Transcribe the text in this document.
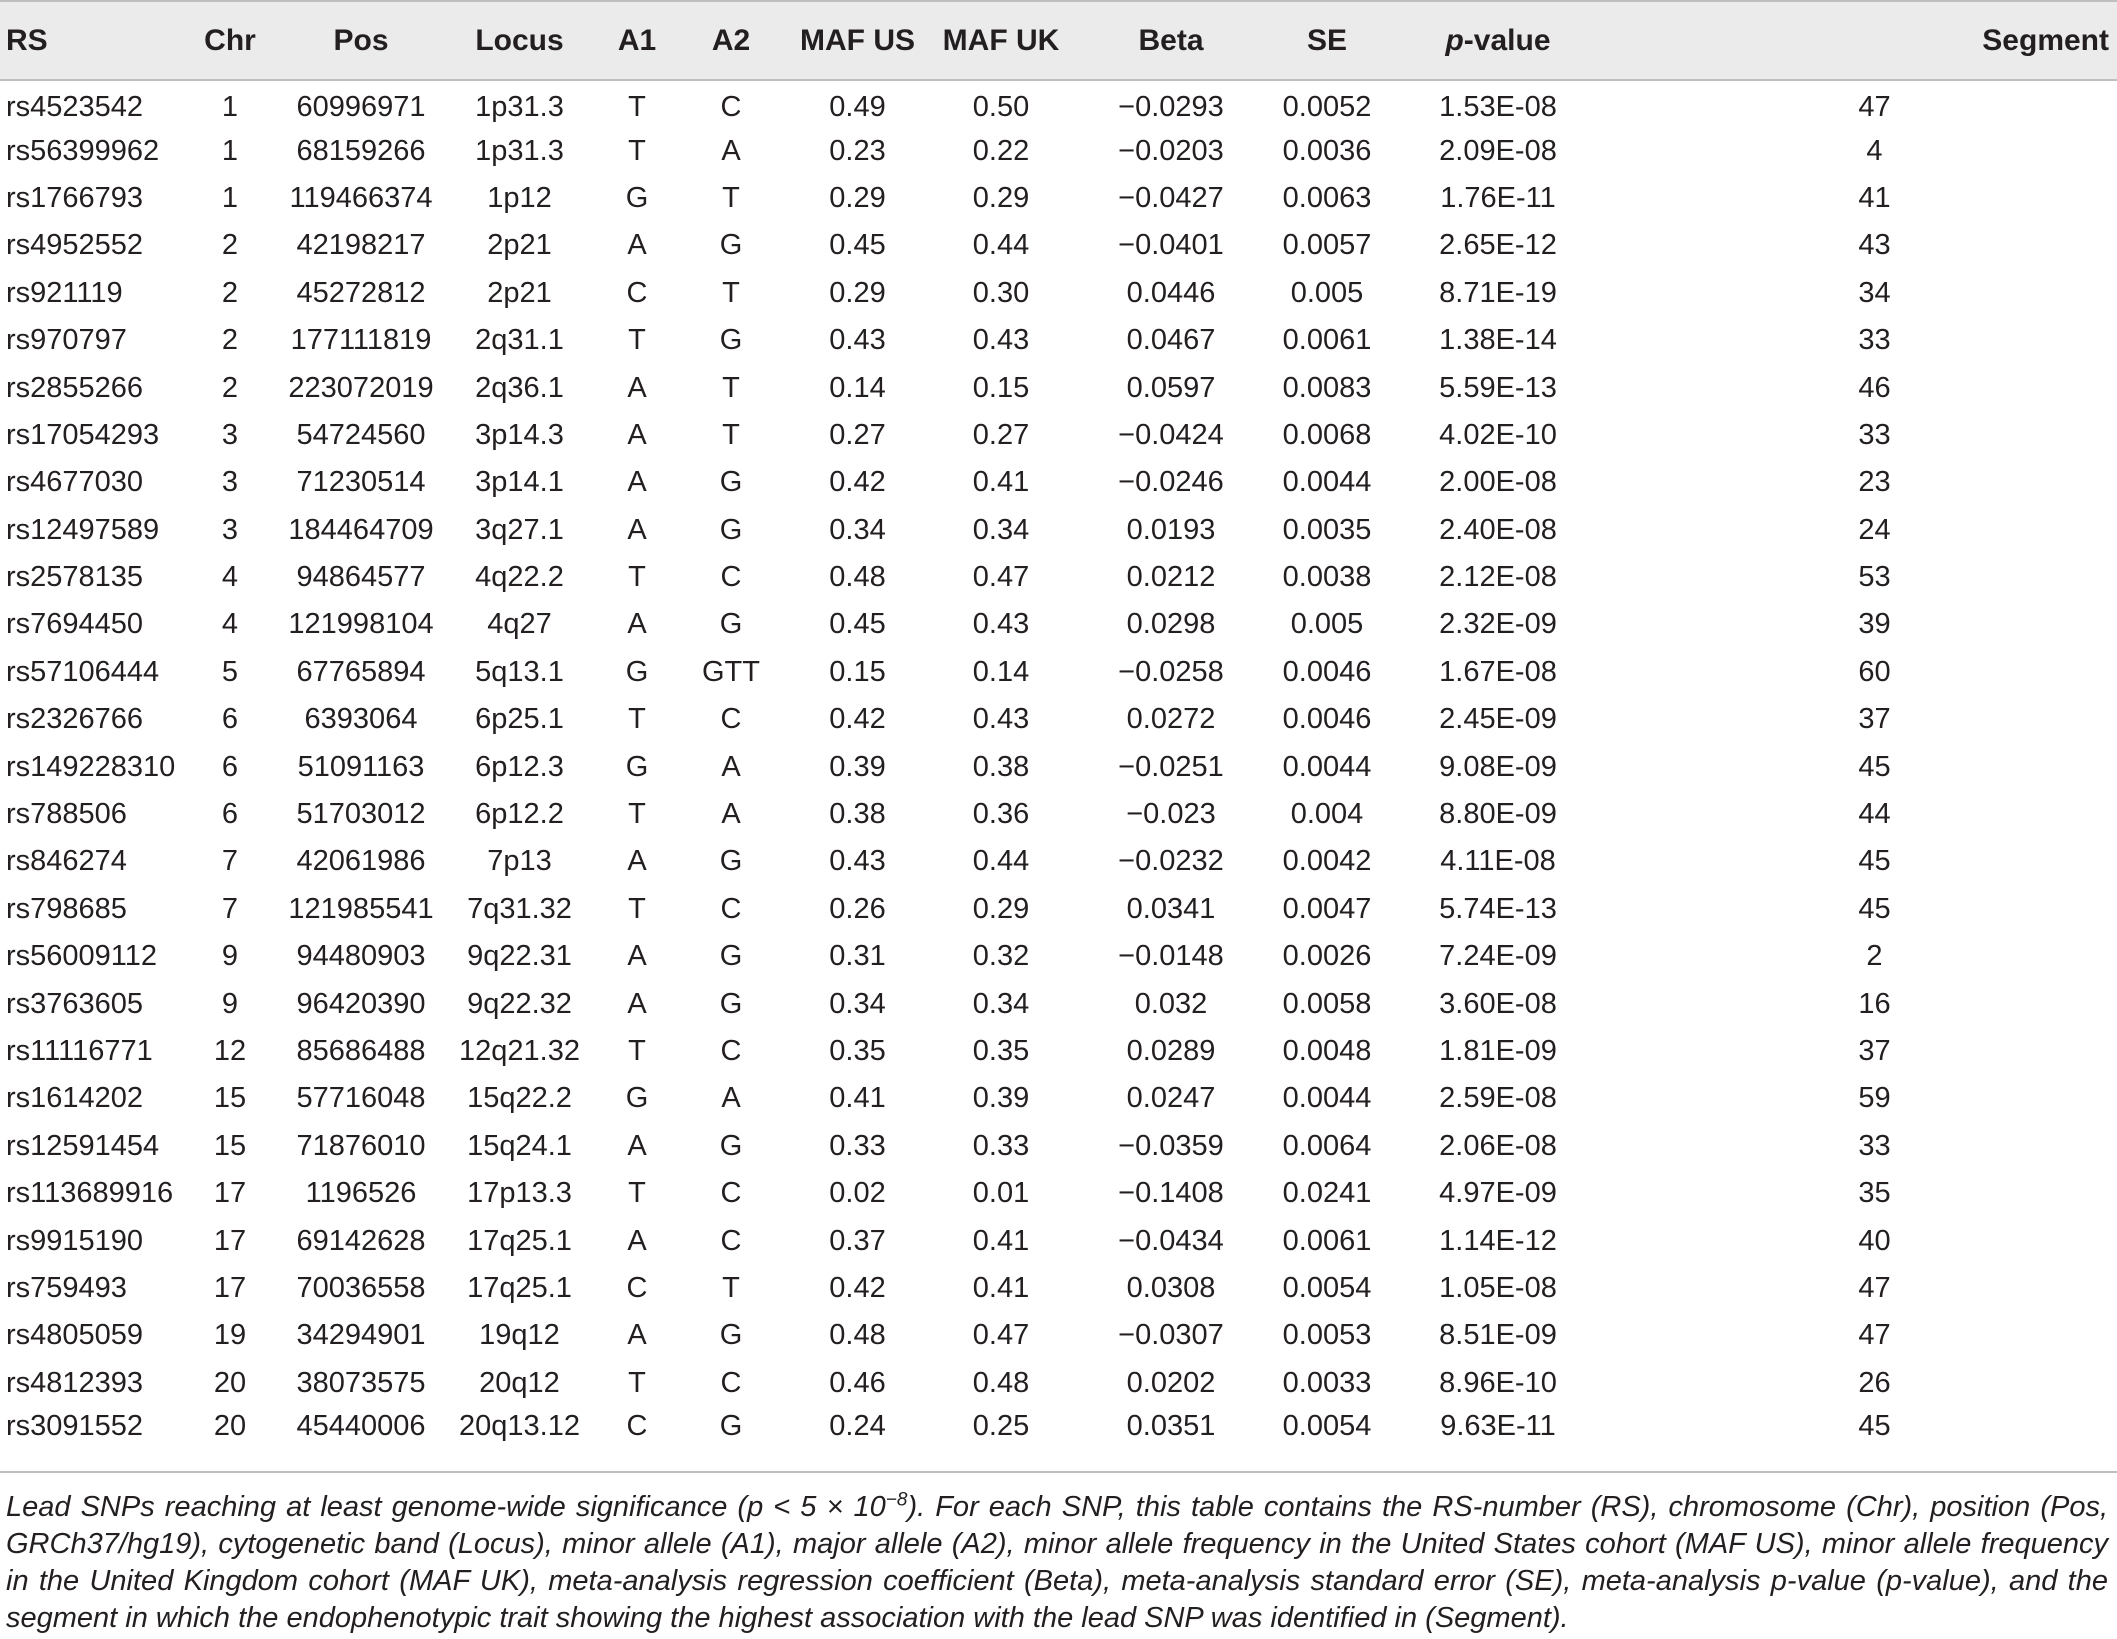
RS	Chr	Pos	Locus	A1	A2	MAF US	MAF UK	Beta	SE	p-value	Segment
rs4523542	1	60996971	1p31.3	T	C	0.49	0.50	−0.0293	0.0052	1.53E-08	47
rs56399962	1	68159266	1p31.3	T	A	0.23	0.22	−0.0203	0.0036	2.09E-08	4
rs1766793	1	119466374	1p12	G	T	0.29	0.29	−0.0427	0.0063	1.76E-11	41
rs4952552	2	42198217	2p21	A	G	0.45	0.44	−0.0401	0.0057	2.65E-12	43
rs921119	2	45272812	2p21	C	T	0.29	0.30	0.0446	0.005	8.71E-19	34
rs970797	2	177111819	2q31.1	T	G	0.43	0.43	0.0467	0.0061	1.38E-14	33
rs2855266	2	223072019	2q36.1	A	T	0.14	0.15	0.0597	0.0083	5.59E-13	46
rs17054293	3	54724560	3p14.3	A	T	0.27	0.27	−0.0424	0.0068	4.02E-10	33
rs4677030	3	71230514	3p14.1	A	G	0.42	0.41	−0.0246	0.0044	2.00E-08	23
rs12497589	3	184464709	3q27.1	A	G	0.34	0.34	0.0193	0.0035	2.40E-08	24
rs2578135	4	94864577	4q22.2	T	C	0.48	0.47	0.0212	0.0038	2.12E-08	53
rs7694450	4	121998104	4q27	A	G	0.45	0.43	0.0298	0.005	2.32E-09	39
rs57106444	5	67765894	5q13.1	G	GTT	0.15	0.14	−0.0258	0.0046	1.67E-08	60
rs2326766	6	6393064	6p25.1	T	C	0.42	0.43	0.0272	0.0046	2.45E-09	37
rs149228310	6	51091163	6p12.3	G	A	0.39	0.38	−0.0251	0.0044	9.08E-09	45
rs788506	6	51703012	6p12.2	T	A	0.38	0.36	−0.023	0.004	8.80E-09	44
rs846274	7	42061986	7p13	A	G	0.43	0.44	−0.0232	0.0042	4.11E-08	45
rs798685	7	121985541	7q31.32	T	C	0.26	0.29	0.0341	0.0047	5.74E-13	45
rs56009112	9	94480903	9q22.31	A	G	0.31	0.32	−0.0148	0.0026	7.24E-09	2
rs3763605	9	96420390	9q22.32	A	G	0.34	0.34	0.032	0.0058	3.60E-08	16
rs11116771	12	85686488	12q21.32	T	C	0.35	0.35	0.0289	0.0048	1.81E-09	37
rs1614202	15	57716048	15q22.2	G	A	0.41	0.39	0.0247	0.0044	2.59E-08	59
rs12591454	15	71876010	15q24.1	A	G	0.33	0.33	−0.0359	0.0064	2.06E-08	33
rs113689916	17	1196526	17p13.3	T	C	0.02	0.01	−0.1408	0.0241	4.97E-09	35
rs9915190	17	69142628	17q25.1	A	C	0.37	0.41	−0.0434	0.0061	1.14E-12	40
rs759493	17	70036558	17q25.1	C	T	0.42	0.41	0.0308	0.0054	1.05E-08	47
rs4805059	19	34294901	19q12	A	G	0.48	0.47	−0.0307	0.0053	8.51E-09	47
rs4812393	20	38073575	20q12	T	C	0.46	0.48	0.0202	0.0033	8.96E-10	26
rs3091552	20	45440006	20q13.12	C	G	0.24	0.25	0.0351	0.0054	9.63E-11	45
Lead SNPs reaching at least genome-wide significance $(p < 5 \times 10^{-8})$. For each SNP, this table contains the RS-number (RS), chromosome (Chr), position (Pos, GRCh37/hg19), cytogenetic band (Locus), minor allele (A1), major allele (A2), minor allele frequency in the United States cohort (MAF US), minor allele frequency in the United Kingdom cohort (MAF UK), meta-analysis regression coefficient (Beta), meta-analysis standard error (SE), meta-analysis p-value (p-value), and the segment in which the endophenotypic trait showing the highest association with the lead SNP was identified in (Segment).
